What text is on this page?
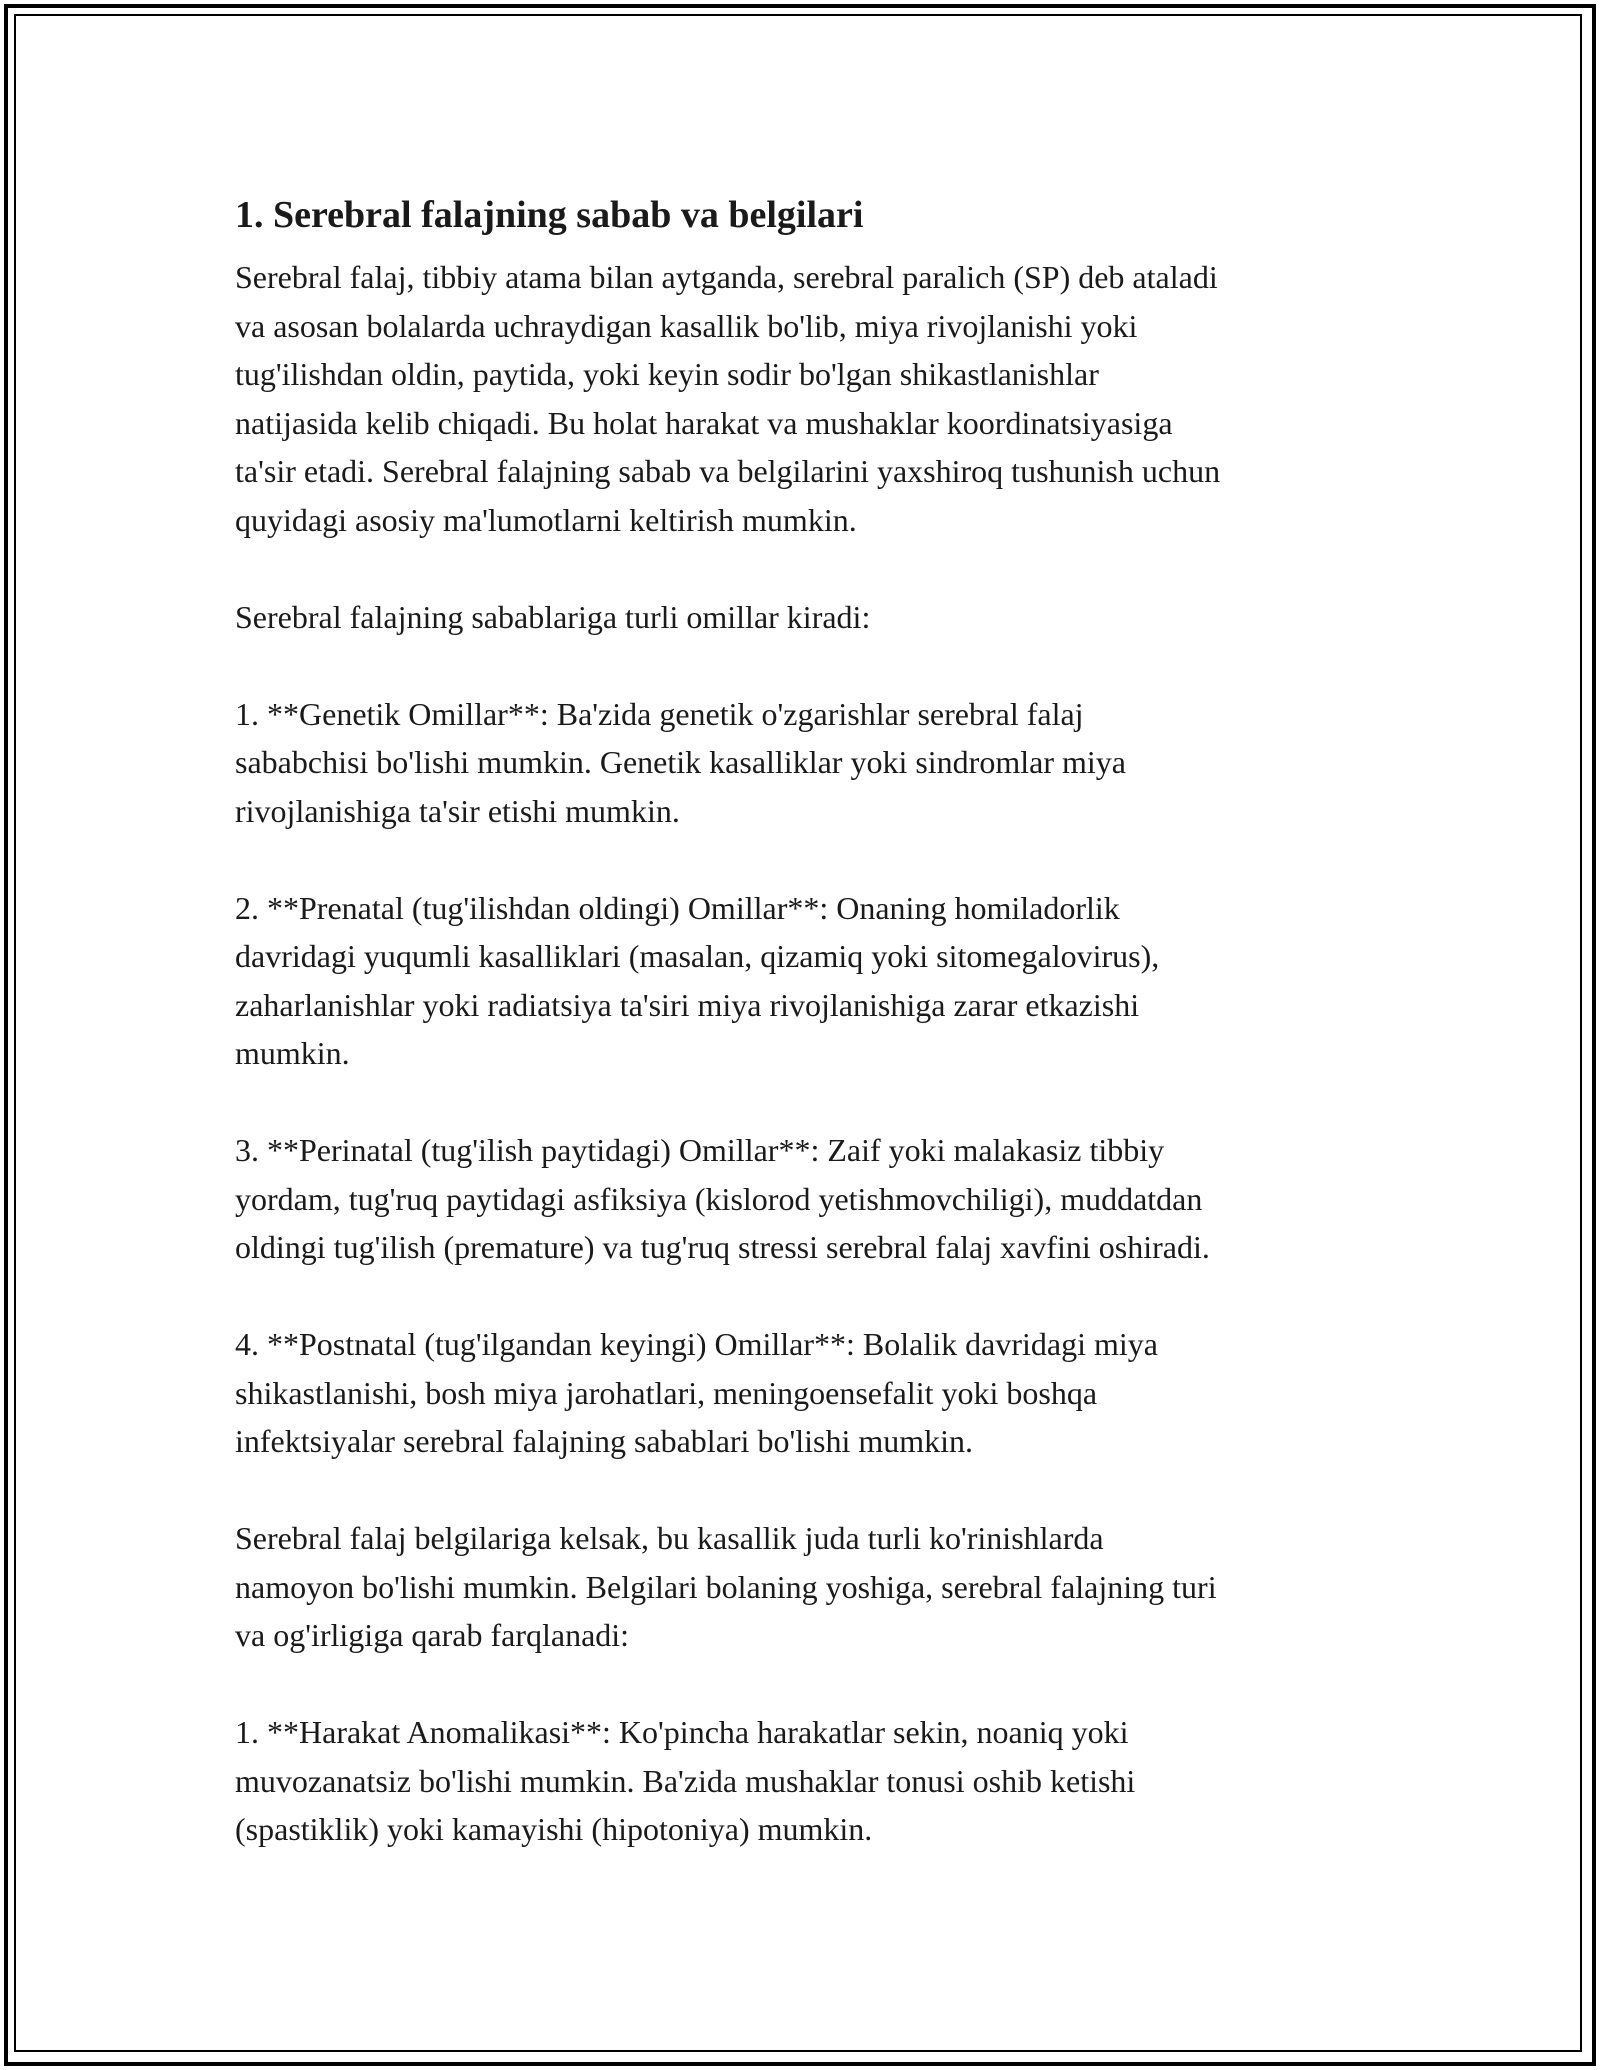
1. Serebral falajning sabab va belgilari
Serebral falaj, tibbiy atama bilan aytganda, serebral paralich (SP) deb ataladi
va asosan bolalarda uchraydigan kasallik bo'lib, miya rivojlanishi yoki
tug'ilishdan oldin, paytida, yoki keyin sodir bo'lgan shikastlanishlar
natijasida kelib chiqadi. Bu holat harakat va mushaklar koordinatsiyasiga
ta'sir etadi. Serebral falajning sabab va belgilarini yaxshiroq tushunish uchun
quyidagi asosiy ma'lumotlarni keltirish mumkin.
Serebral falajning sabablariga turli omillar kiradi:
1. **Genetik Omillar**: Ba'zida genetik o'zgarishlar serebral falaj
sababchisi bo'lishi mumkin. Genetik kasalliklar yoki sindromlar miya
rivojlanishiga ta'sir etishi mumkin.
2. **Prenatal (tug'ilishdan oldingi) Omillar**: Onaning homiladorlik
davridagi yuqumli kasalliklari (masalan, qizamiq yoki sitomegalovirus),
zaharlanishlar yoki radiatsiya ta'siri miya rivojlanishiga zarar etkazishi
mumkin.
3. **Perinatal (tug'ilish paytidagi) Omillar**: Zaif yoki malakasiz tibbiy
yordam, tug'ruq paytidagi asfiksiya (kislorod yetishmovchiligi), muddatdan
oldingi tug'ilish (premature) va tug'ruq stressi serebral falaj xavfini oshiradi.
4. **Postnatal (tug'ilgandan keyingi) Omillar**: Bolalik davridagi miya
shikastlanishi, bosh miya jarohatlari, meningoensefalit yoki boshqa
infektsiyalar serebral falajning sabablari bo'lishi mumkin.
Serebral falaj belgilariga kelsak, bu kasallik juda turli ko'rinishlarda
namoyon bo'lishi mumkin. Belgilari bolaning yoshiga, serebral falajning turi
va og'irligiga qarab farqlanadi:
1. **Harakat Anomalikasi**: Ko'pincha harakatlar sekin, noaniq yoki
muvozanatsiz bo'lishi mumkin. Ba'zida mushaklar tonusi oshib ketishi
(spastiklik) yoki kamayishi (hipotoniya) mumkin.
